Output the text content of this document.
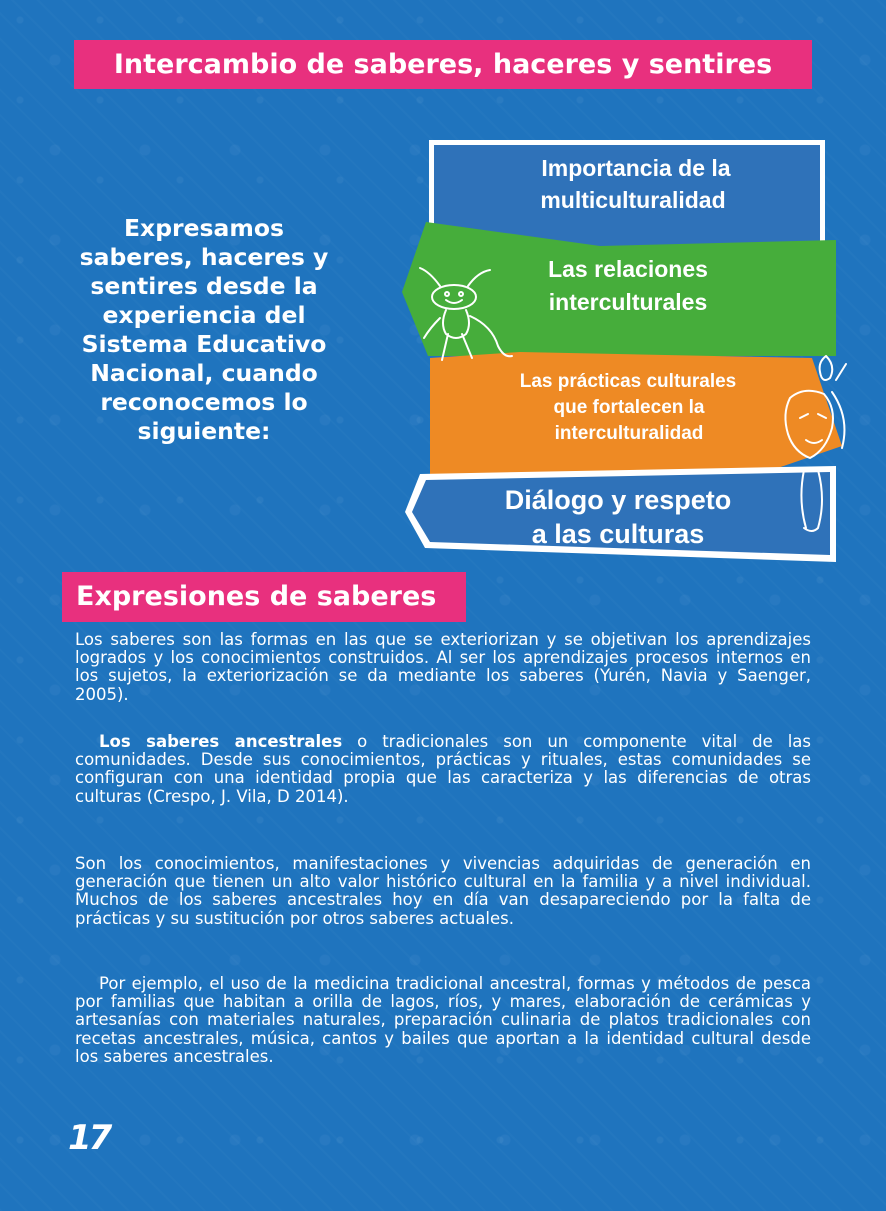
Intercambio de saberes, haceres y sentires
Expresamos saberes, haceres y sentires desde la experiencia del Sistema Educativo Nacional, cuando reconocemos lo siguiente:
Importancia de la
multiculturalidad
Las relaciones
interculturales
Las prácticas culturales
que fortalecen la
interculturalidad
Diálogo y respeto
a las culturas
Expresiones de saberes

Los saberes son las formas en las que se exteriorizan y se objetivan los aprendizajes logrados y los conocimientos construidos. Al ser los aprendizajes procesos internos en los sujetos, la exteriorización se da mediante los saberes (Yurén, Navia y Saenger, 2005).

Los saberes ancestrales o tradicionales son un componente vital de las comunidades. Desde sus conocimientos, prácticas y rituales, estas comunidades se configuran con una identidad propia que las caracteriza y las diferencias de otras culturas (Crespo, J. Vila, D 2014).

Son los conocimientos, manifestaciones y vivencias adquiridas de generación en generación que tienen un alto valor histórico cultural en la familia y a nivel individual. Muchos de los saberes ancestrales hoy en día van desapareciendo por la falta de prácticas y su sustitución por otros saberes actuales.

Por ejemplo, el uso de la medicina tradicional ancestral, formas y métodos de pesca por familias que habitan a orilla de lagos, ríos, y mares, elaboración de cerámicas y artesanías con materiales naturales, preparación culinaria de platos tradicionales con recetas ancestrales, música, cantos y bailes que aportan a la identidad cultural desde los saberes ancestrales.

17
